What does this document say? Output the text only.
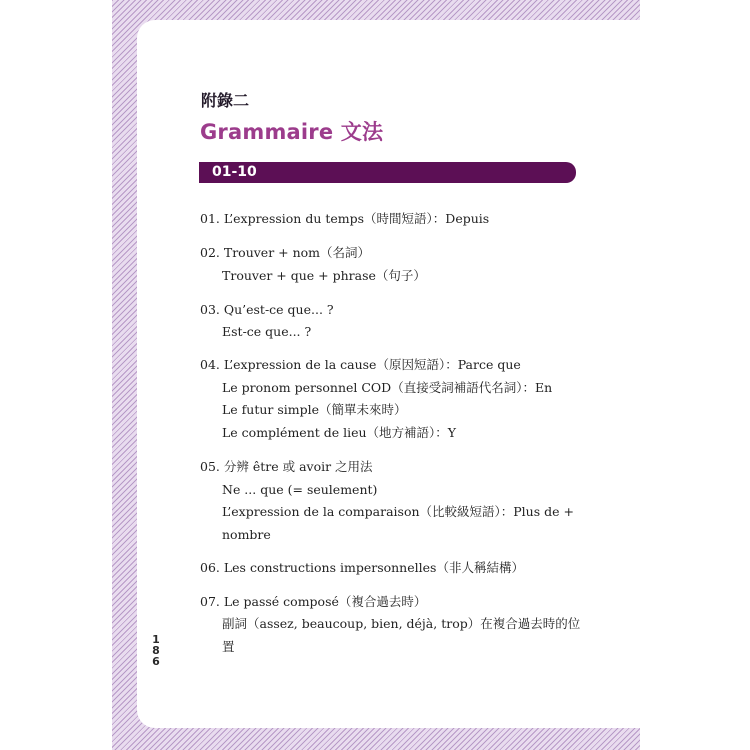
附錄二
Grammaire 文法
01-10
01. L’expression du temps（時間短語）：Depuis
02. Trouver + nom（名詞）
Trouver + que + phrase（句子）
03. Qu’est-ce que... ?
Est-ce que... ?
04. L’expression de la cause（原因短語）：Parce que
Le pronom personnel COD（直接受詞補語代名詞）：En
Le futur simple（簡單未來時）
Le complément de lieu（地方補語）：Y
05. 分辨 être 或 avoir 之用法
Ne ... que (= seulement)
L’expression de la comparaison（比較級短語）：Plus de +
nombre
06. Les constructions impersonnelles（非人稱結構）
07. Le passé composé（複合過去時）
副詞（assez, beaucoup, bien, déjà, trop）在複合過去時的位
置
1
8
6
